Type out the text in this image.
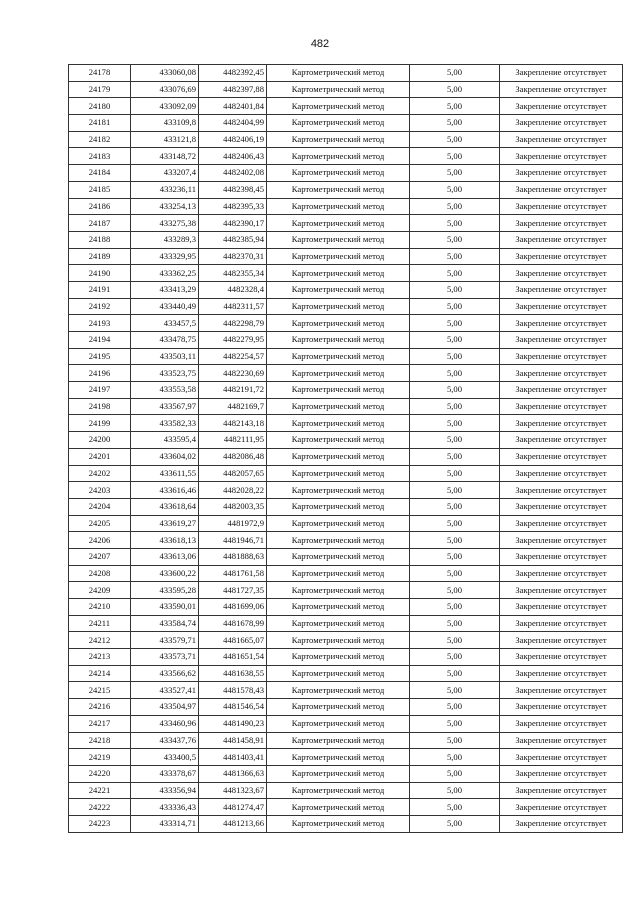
482
24178	433060,08	4482392,45	Картометрический метод	5,00	Закрепление отсутствует
24179	433076,69	4482397,88	Картометрический метод	5,00	Закрепление отсутствует
24180	433092,09	4482401,84	Картометрический метод	5,00	Закрепление отсутствует
24181	433109,8	4482404,99	Картометрический метод	5,00	Закрепление отсутствует
24182	433121,8	4482406,19	Картометрический метод	5,00	Закрепление отсутствует
24183	433148,72	4482406,43	Картометрический метод	5,00	Закрепление отсутствует
24184	433207,4	4482402,08	Картометрический метод	5,00	Закрепление отсутствует
24185	433236,11	4482398,45	Картометрический метод	5,00	Закрепление отсутствует
24186	433254,13	4482395,33	Картометрический метод	5,00	Закрепление отсутствует
24187	433275,38	4482390,17	Картометрический метод	5,00	Закрепление отсутствует
24188	433289,3	4482385,94	Картометрический метод	5,00	Закрепление отсутствует
24189	433329,95	4482370,31	Картометрический метод	5,00	Закрепление отсутствует
24190	433362,25	4482355,34	Картометрический метод	5,00	Закрепление отсутствует
24191	433413,29	4482328,4	Картометрический метод	5,00	Закрепление отсутствует
24192	433440,49	4482311,57	Картометрический метод	5,00	Закрепление отсутствует
24193	433457,5	4482298,79	Картометрический метод	5,00	Закрепление отсутствует
24194	433478,75	4482279,95	Картометрический метод	5,00	Закрепление отсутствует
24195	433503,11	4482254,57	Картометрический метод	5,00	Закрепление отсутствует
24196	433523,75	4482230,69	Картометрический метод	5,00	Закрепление отсутствует
24197	433553,58	4482191,72	Картометрический метод	5,00	Закрепление отсутствует
24198	433567,97	4482169,7	Картометрический метод	5,00	Закрепление отсутствует
24199	433582,33	4482143,18	Картометрический метод	5,00	Закрепление отсутствует
24200	433595,4	4482111,95	Картометрический метод	5,00	Закрепление отсутствует
24201	433604,02	4482086,48	Картометрический метод	5,00	Закрепление отсутствует
24202	433611,55	4482057,65	Картометрический метод	5,00	Закрепление отсутствует
24203	433616,46	4482028,22	Картометрический метод	5,00	Закрепление отсутствует
24204	433618,64	4482003,35	Картометрический метод	5,00	Закрепление отсутствует
24205	433619,27	4481972,9	Картометрический метод	5,00	Закрепление отсутствует
24206	433618,13	4481946,71	Картометрический метод	5,00	Закрепление отсутствует
24207	433613,06	4481888,63	Картометрический метод	5,00	Закрепление отсутствует
24208	433600,22	4481761,58	Картометрический метод	5,00	Закрепление отсутствует
24209	433595,28	4481727,35	Картометрический метод	5,00	Закрепление отсутствует
24210	433590,01	4481699,06	Картометрический метод	5,00	Закрепление отсутствует
24211	433584,74	4481678,99	Картометрический метод	5,00	Закрепление отсутствует
24212	433579,71	4481665,07	Картометрический метод	5,00	Закрепление отсутствует
24213	433573,71	4481651,54	Картометрический метод	5,00	Закрепление отсутствует
24214	433566,62	4481638,55	Картометрический метод	5,00	Закрепление отсутствует
24215	433527,41	4481578,43	Картометрический метод	5,00	Закрепление отсутствует
24216	433504,97	4481546,54	Картометрический метод	5,00	Закрепление отсутствует
24217	433460,96	4481490,23	Картометрический метод	5,00	Закрепление отсутствует
24218	433437,76	4481458,91	Картометрический метод	5,00	Закрепление отсутствует
24219	433400,5	4481403,41	Картометрический метод	5,00	Закрепление отсутствует
24220	433378,67	4481366,63	Картометрический метод	5,00	Закрепление отсутствует
24221	433356,94	4481323,67	Картометрический метод	5,00	Закрепление отсутствует
24222	433336,43	4481274,47	Картометрический метод	5,00	Закрепление отсутствует
24223	433314,71	4481213,66	Картометрический метод	5,00	Закрепление отсутствует
